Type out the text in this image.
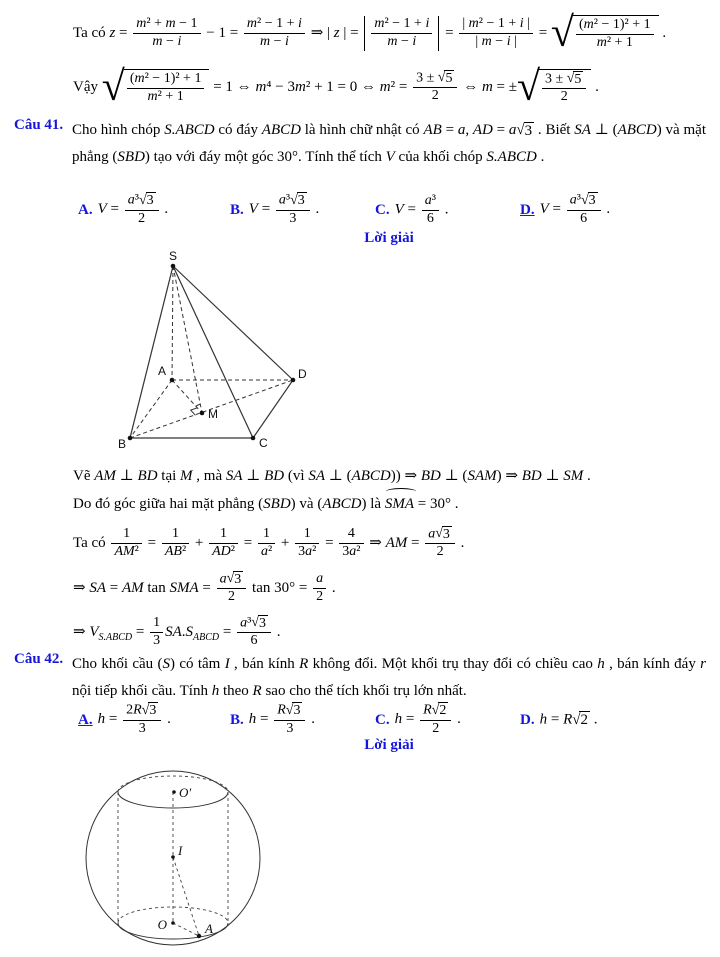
Ta có $z = \frac{\text{m² + m − 1}}{m - i} - 1 = \frac{\text{m² − 1 + i}}{m - i}$ ⇒ | z | = $\frac{\text{m² − 1 + i}}{m - i} = \frac{\text{| m² − 1 + i |}}{| m - i |}$ = √ $\frac{\text{(m² − 1)² + 1}}{\text{m² + 1}}$ .
Vậy √ $\frac{\text{(m² − 1)² + 1}}{\text{m² + 1}} = 1$ ⇔ m⁴ − 3m² + 1 = 0 ⇔ $m^2 = \frac{3 \pm √ 5}{2}$ ⇔ m = ± √ $\frac{3 \pm √ 5}{2}$ .
Câu 41. Cho hình chóp S.ABCD có đáy ABCD là hình chữ nhật có AB = a, AD = a √ 3 . Biết SA ⊥ (ABCD) và mặt phẳng (SBD) tạo với đáy một góc 30°. Tính thể tích V của khối chóp S.ABCD .
A. $V = \frac{\text{a³ √ 3}}{2}$ .	B. $V = \frac{\text{a³ √ 3}}{3}$ .	C. $V = \frac{\text{a³}}{6}$ .	D. $V = \frac{\text{a³ √ 3}}{6}$ .
Lời giải
S
A
B	C
D
M
Vẽ AM ⊥ BD tại M , mà SA ⊥ BD (vì SA ⊥ (ABCD)) ⇒ BD ⊥ (SAM) ⇒ BD ⊥ SM .
Do đó góc giữa hai mặt phẳng (SBD) và (ABCD) là SMA = 30° .
Ta có $\frac{1}{\text{AM²}} = \frac{1}{\text{AB²}} + \frac{1}{\text{AD²}} = \frac{1}{\text{a²}} + \frac{1}{\text{3a²}} = \frac{4}{\text{3a²}}$ ⇒ AM = $\frac{a √ 3}{2}$ .
⇒ SA = AM tan SMA = $\frac{a √ 3}{2}$ $\tan 30^\circ = \frac{a}{2}$ .
⇒ $V_{S.ABCD} = \frac{1}{3} SA.S_{ABCD} = \frac{\text{a³ √ 3}}{6}$ .
Câu 42. Cho khối cầu (S) có tâm I , bán kính R không đổi. Một khối trụ thay đổi có chiều cao h , bán kính đáy r nội tiếp khối cầu. Tính h theo R sao cho thể tích khối trụ lớn nhất.
A. $h = \frac{2R √ 3}{3}$ .	B. $h = \frac{R √ 3}{3}$ .	C. $h = \frac{R √ 2}{2}$ .	D. h = R √ 2 .
Lời giải
O′
I
O	A
